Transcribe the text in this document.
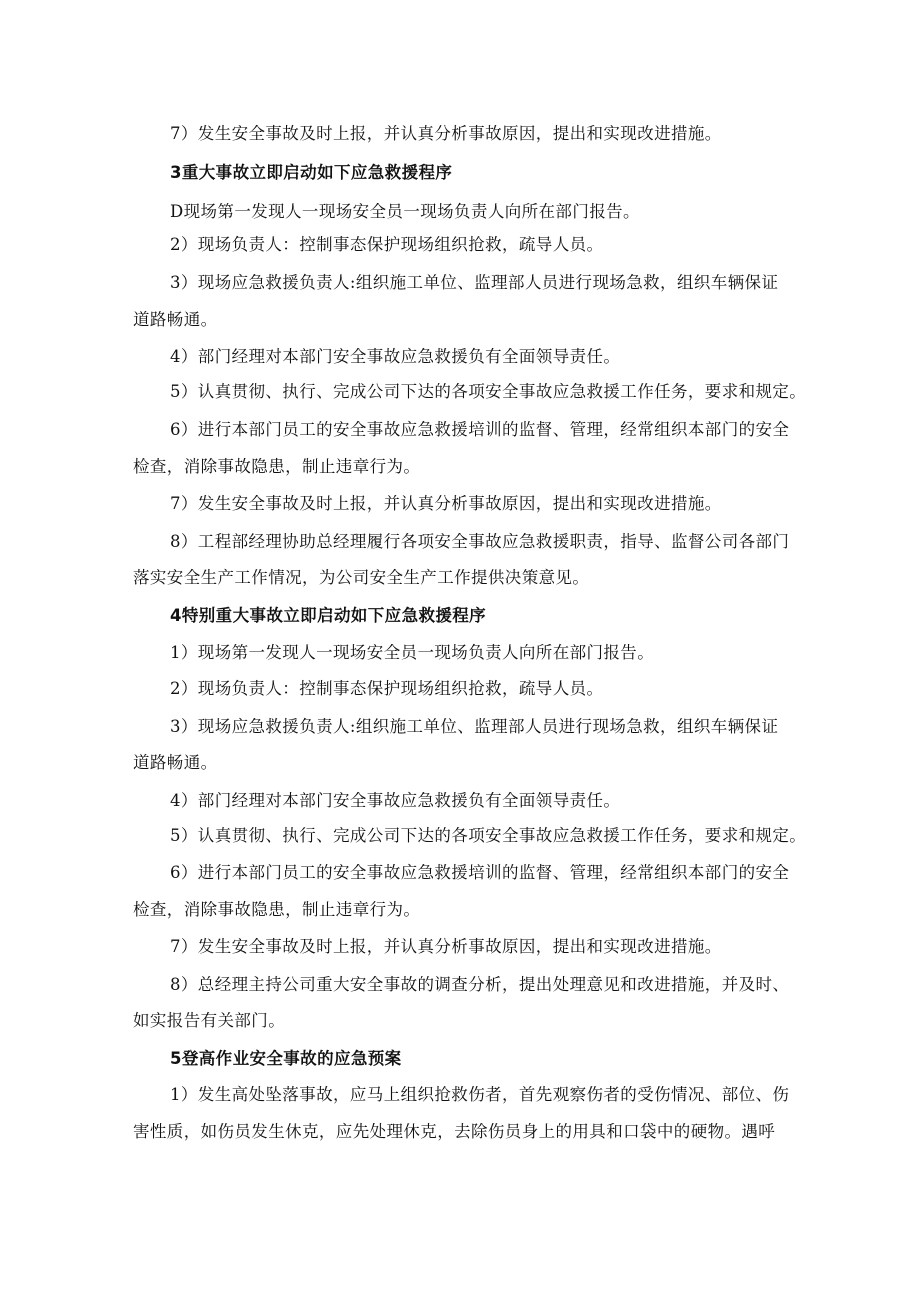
7）发生安全事故及时上报，并认真分析事故原因，提出和实现改进措施。
3重大事故立即启动如下应急救援程序
D现场第一发现人一现场安全员一现场负责人向所在部门报告。
2）现场负责人：控制事态保护现场组织抢救，疏导人员。
3）现场应急救援负责人:组织施工单位、监理部人员进行现场急救，组织车辆保证
道路畅通。
4）部门经理对本部门安全事故应急救援负有全面领导责任。
5）认真贯彻、执行、完成公司下达的各项安全事故应急救援工作任务，要求和规定。
6）进行本部门员工的安全事故应急救援培训的监督、管理，经常组织本部门的安全
检查，消除事故隐患，制止违章行为。
7）发生安全事故及时上报，并认真分析事故原因，提出和实现改进措施。
8）工程部经理协助总经理履行各项安全事故应急救援职责，指导、监督公司各部门
落实安全生产工作情况，为公司安全生产工作提供决策意见。
4特别重大事故立即启动如下应急救援程序
1）现场第一发现人一现场安全员一现场负责人向所在部门报告。
2）现场负责人：控制事态保护现场组织抢救，疏导人员。
3）现场应急救援负责人:组织施工单位、监理部人员进行现场急救，组织车辆保证
道路畅通。
4）部门经理对本部门安全事故应急救援负有全面领导责任。
5）认真贯彻、执行、完成公司下达的各项安全事故应急救援工作任务，要求和规定。
6）进行本部门员工的安全事故应急救援培训的监督、管理，经常组织本部门的安全
检查，消除事故隐患，制止违章行为。
7）发生安全事故及时上报，并认真分析事故原因，提出和实现改进措施。
8）总经理主持公司重大安全事故的调查分析，提出处理意见和改进措施，并及时、
如实报告有关部门。
5登高作业安全事故的应急预案
1）发生高处坠落事故，应马上组织抢救伤者，首先观察伤者的受伤情况、部位、伤
害性质，如伤员发生休克，应先处理休克，去除伤员身上的用具和口袋中的硬物。遇呼
